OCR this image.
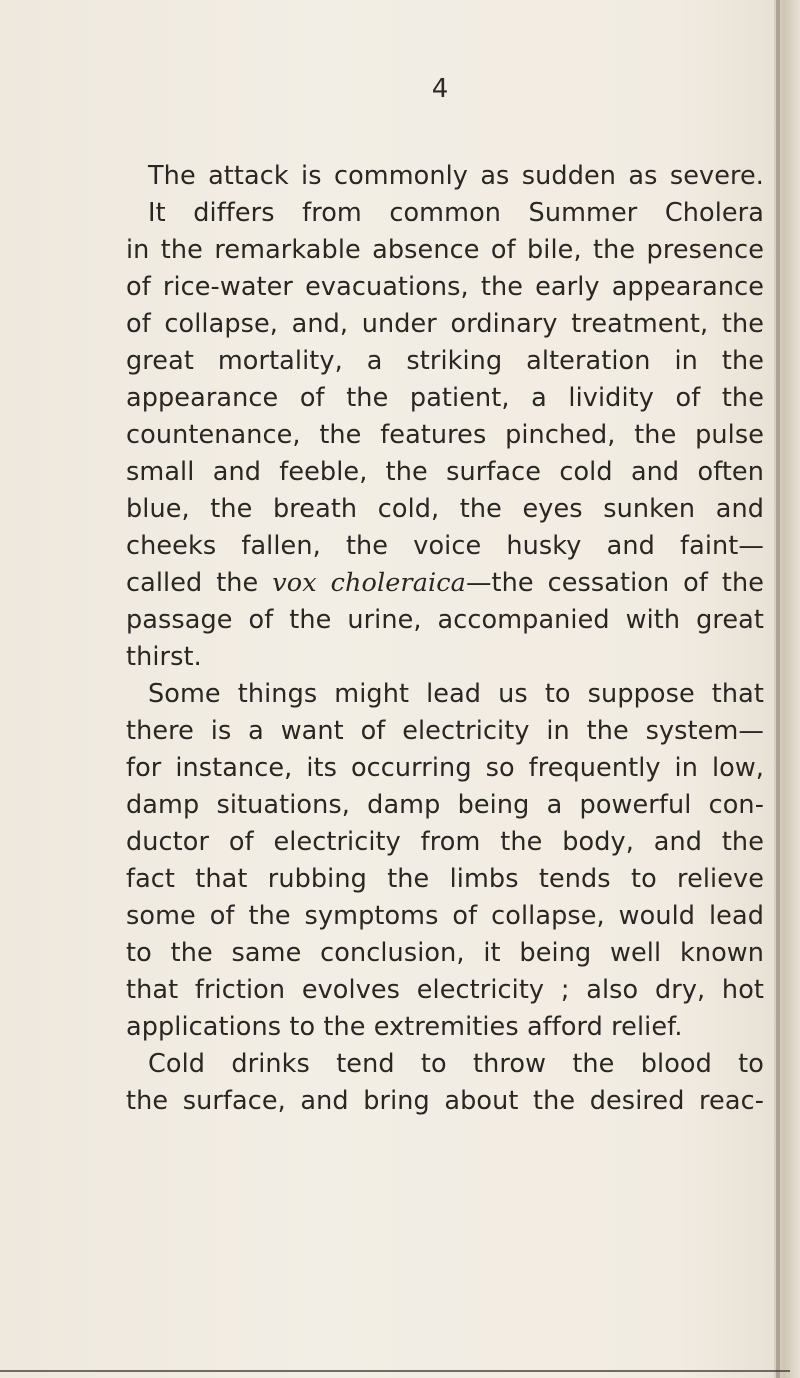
4
The attack is commonly as sudden as severe.
It differs from common Summer Cholera
in the remarkable absence of bile, the presence
of rice-water evacuations, the early appearance
of collapse, and, under ordinary treatment, the
great mortality, a striking alteration in the
appearance of the patient, a lividity of the
countenance, the features pinched, the pulse
small and feeble, the surface cold and often
blue, the breath cold, the eyes sunken and
cheeks fallen, the voice husky and faint—
called the vox choleraica—the cessation of the
passage of the urine, accompanied with great
thirst.
Some things might lead us to suppose that
there is a want of electricity in the system—
for instance, its occurring so frequently in low,
damp situations, damp being a powerful con-
ductor of electricity from the body, and the
fact that rubbing the limbs tends to relieve
some of the symptoms of collapse, would lead
to the same conclusion, it being well known
that friction evolves electricity ; also dry, hot
applications to the extremities afford relief.
Cold drinks tend to throw the blood to
the surface, and bring about the desired reac-
